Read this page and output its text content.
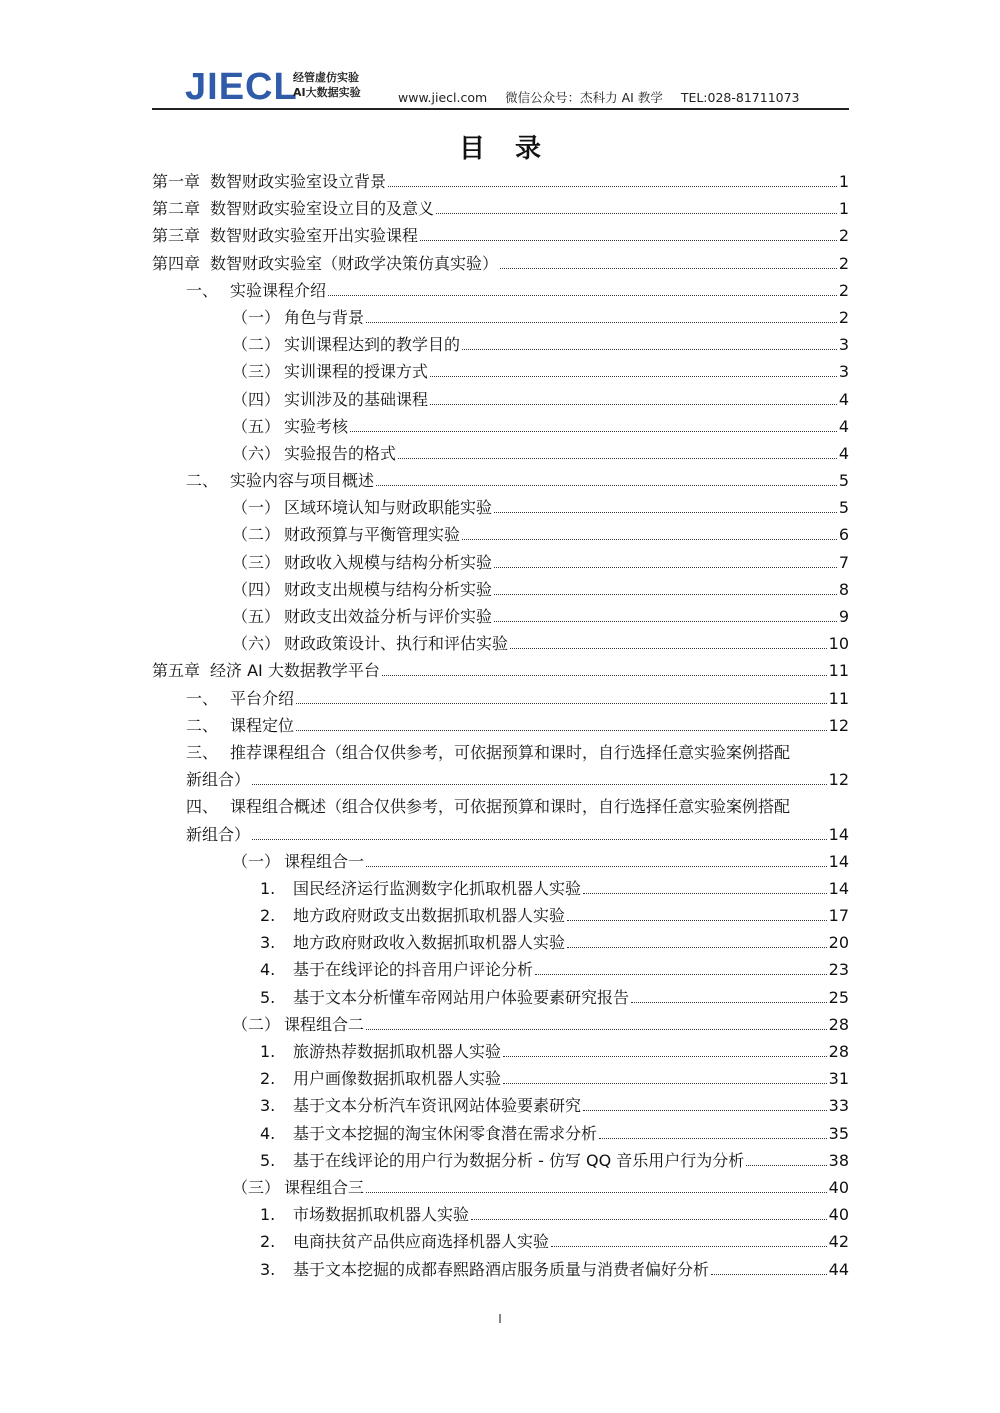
JIECL
经管虚仿实验
AI大数据实验	www.jiecl.com 微信公众号：杰科力 AI 教学 TEL:028-81711073
目录
第一章 数智财政实验室设立背景	1
第二章 数智财政实验室设立目的及意义	1
第三章 数智财政实验室开出实验课程	2
第四章 数智财政实验室（财政学决策仿真实验）	2
一、 实验课程介绍	2
（一） 角色与背景	2
（二） 实训课程达到的教学目的	3
（三） 实训课程的授课方式	3
（四） 实训涉及的基础课程	4
（五） 实验考核	4
（六） 实验报告的格式	4
二、 实验内容与项目概述	5
（一） 区域环境认知与财政职能实验	5
（二） 财政预算与平衡管理实验	6
（三） 财政收入规模与结构分析实验	7
（四） 财政支出规模与结构分析实验	8
（五） 财政支出效益分析与评价实验	9
（六） 财政政策设计、执行和评估实验	10
第五章 经济 AI 大数据教学平台	11
一、 平台介绍	11
二、 课程定位	12
三、 推荐课程组合（组合仅供参考，可依据预算和课时，自行选择任意实验案例搭配
新组合）	12
四、 课程组合概述（组合仅供参考，可依据预算和课时，自行选择任意实验案例搭配
新组合）	14
（一） 课程组合一	14
1.	国民经济运行监测数字化抓取机器人实验	14
2.	地方政府财政支出数据抓取机器人实验	17
3.	地方政府财政收入数据抓取机器人实验	20
4.	基于在线评论的抖音用户评论分析	23
5.	基于文本分析懂车帝网站用户体验要素研究报告	25
（二） 课程组合二	28
1.	旅游热荐数据抓取机器人实验	28
2.	用户画像数据抓取机器人实验	31
3.	基于文本分析汽车资讯网站体验要素研究	33
4.	基于文本挖掘的淘宝休闲零食潜在需求分析	35
5.	基于在线评论的用户行为数据分析 - 仿写 QQ 音乐用户行为分析	38
（三） 课程组合三	40
1.	市场数据抓取机器人实验	40
2.	电商扶贫产品供应商选择机器人实验	42
3.	基于文本挖掘的成都春熙路酒店服务质量与消费者偏好分析	44
I
